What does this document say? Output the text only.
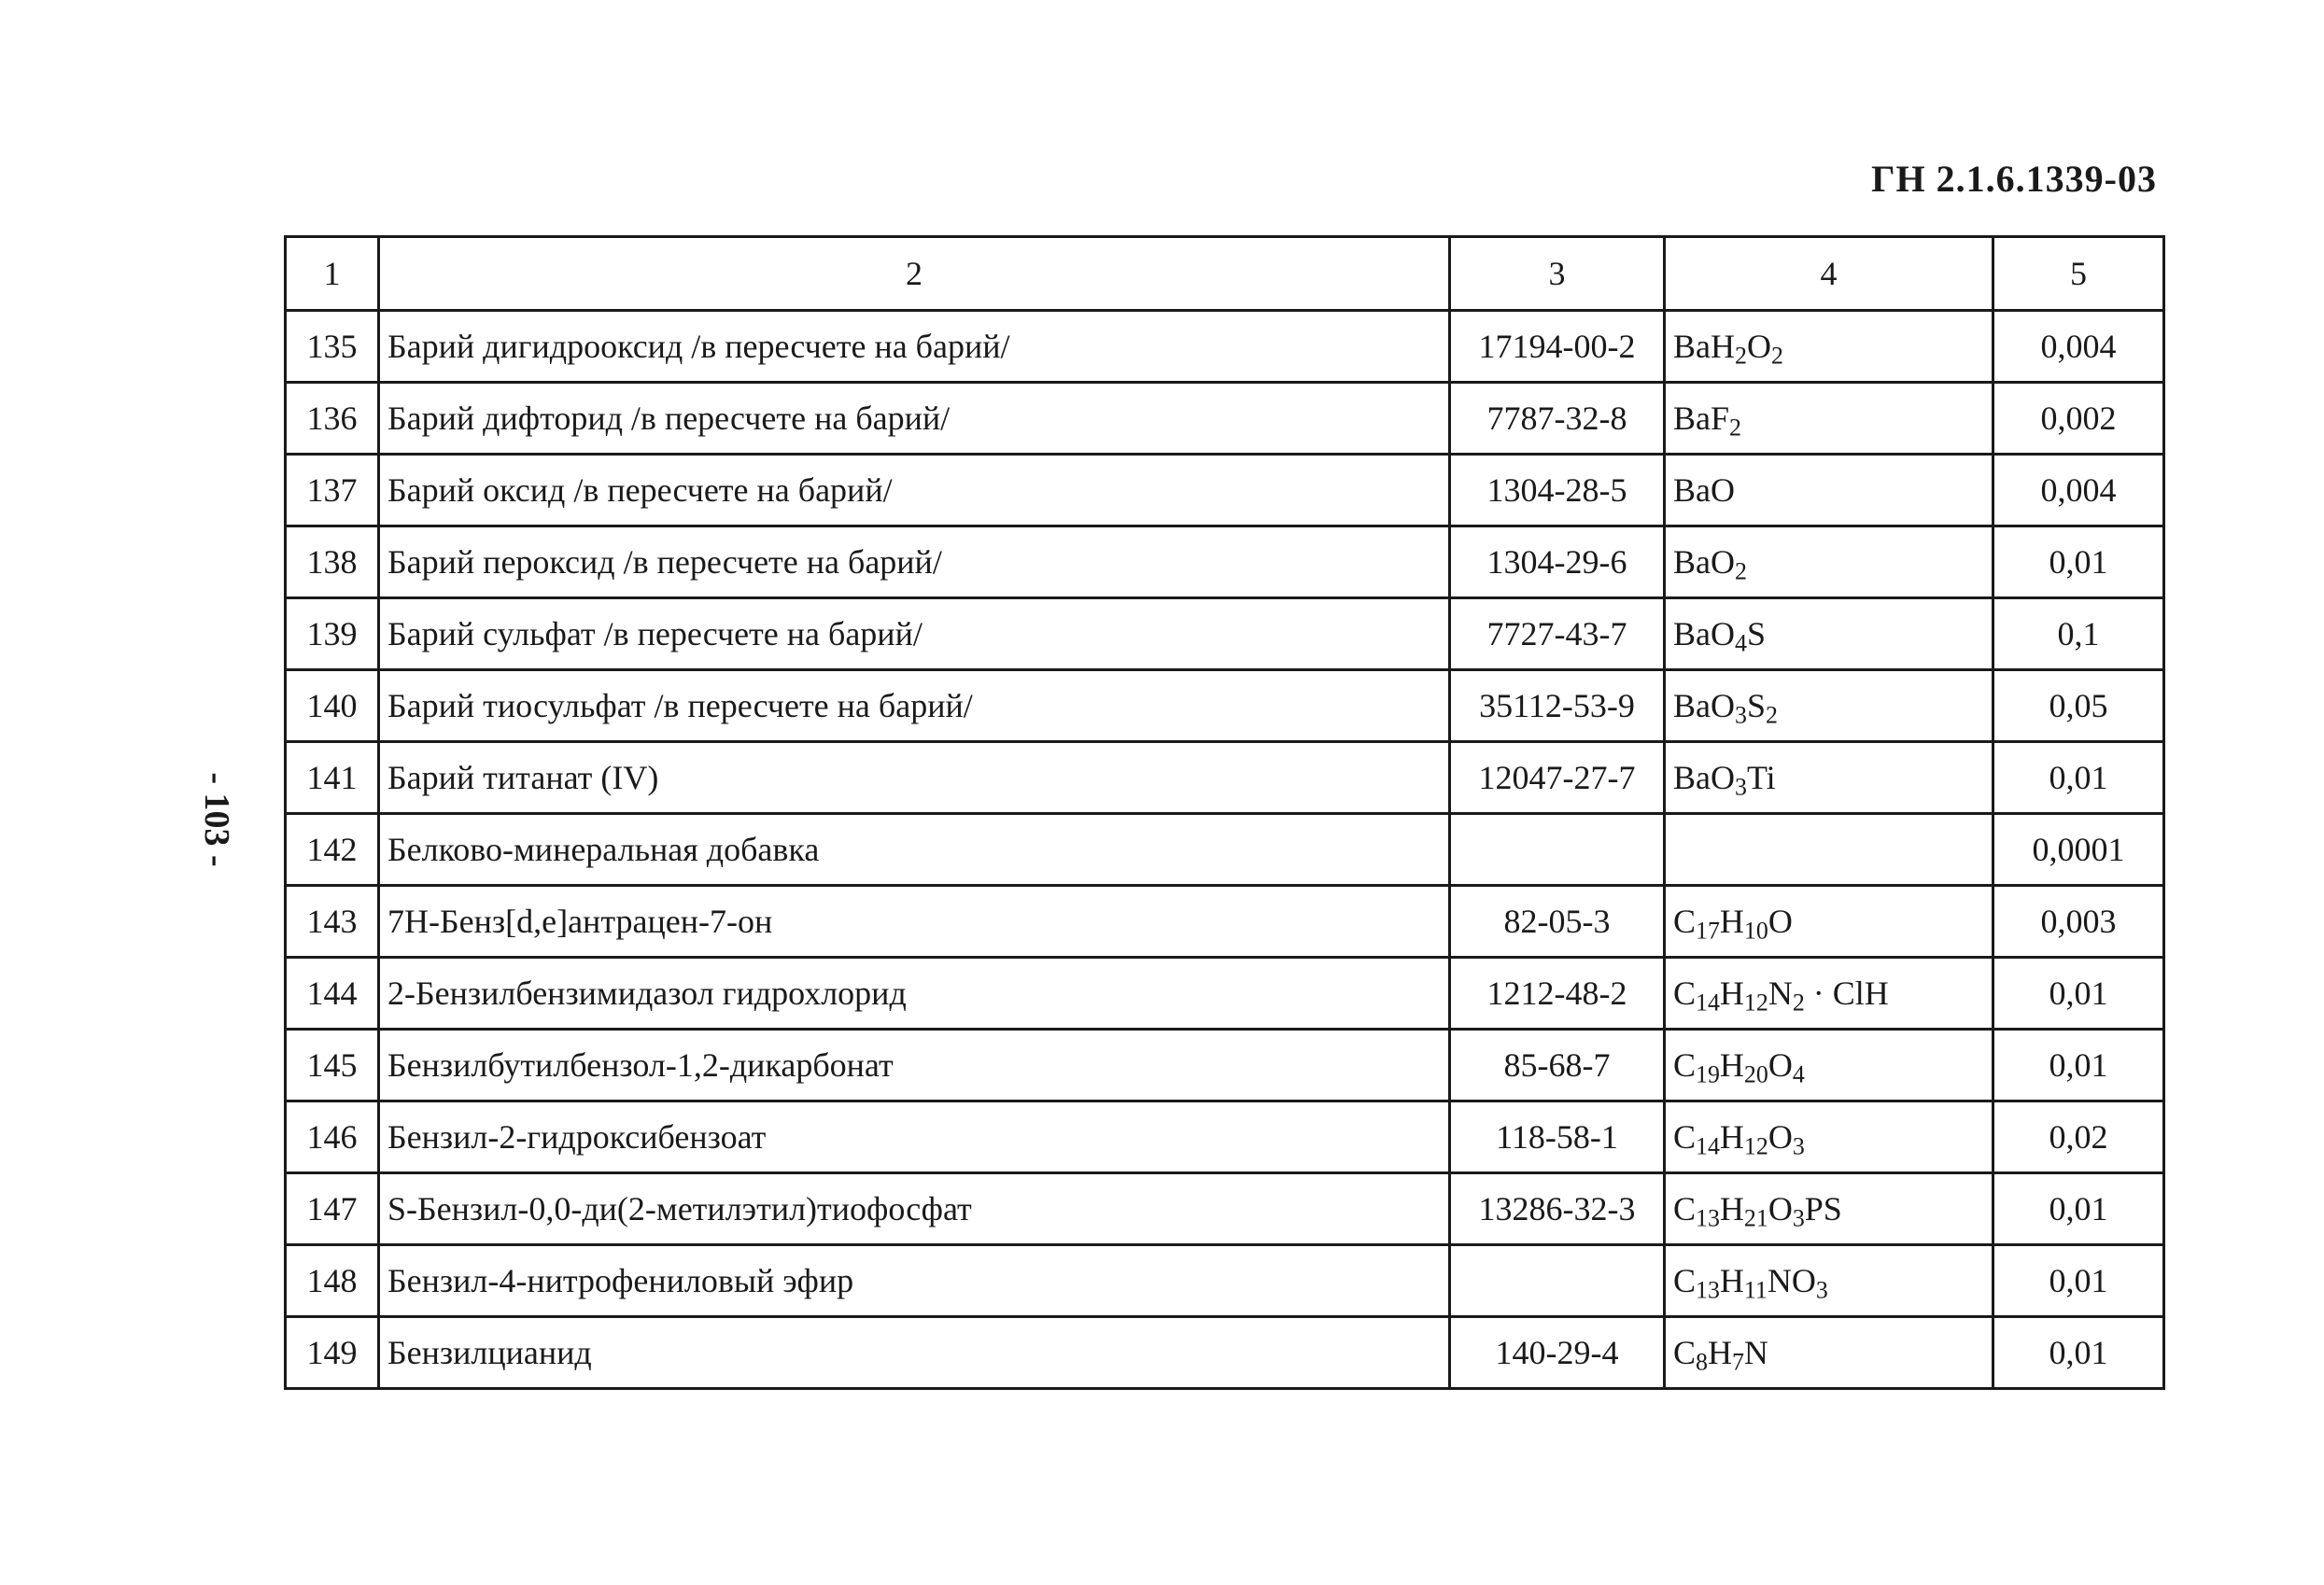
ГН 2.1.6.1339-03
- 103 -
1	2	3	4	5
135	Барий дигидрооксид /в пересчете на барий/	17194-00-2	$BaH_2O_2$	0,004
136	Барий дифторид /в пересчете на барий/	7787-32-8	BaF$_2$	0,002
137	Барий оксид /в пересчете на барий/	1304-28-5	BaO	0,004
138	Барий пероксид /в пересчете на барий/	1304-29-6	BaO$_2$	0,01
139	Барий сульфат /в пересчете на барий/	7727-43-7	BaO$_4$S	0,1
140	Барий тиосульфат /в пересчете на барий/	35112-53-9	$BaO_3S_2$	0,05
141	Барий титанат (IV)	12047-27-7	BaO$_3$Ti	0,01
142	Белково-минеральная добавка			0,0001
143	7H-Бенз[d,e]антрацен-7-он	82-05-3	$C_{17}H_{10}O$	0,003
144	2-Бензилбензимидазол гидрохлорид	1212-48-2	$C_{14}H_{12}N_2$ · ClH	0,01
145	Бензилбутилбензол-1,2-дикарбонат	85-68-7	$C_{19}H_{20}O_4$	0,01
146	Бензил-2-гидроксибензоат	118-58-1	$C_{14}H_{12}O_3$	0,02
147	S-Бензил-0,0-ди(2-метилэтил)тиофосфат	13286-32-3	$C_{13}H_{21}O_3PS$	0,01
148	Бензил-4-нитрофениловый эфир		$C_{13}H_{11}NO_3$	0,01
149	Бензилцианид	140-29-4	$C_8H_7N$	0,01
